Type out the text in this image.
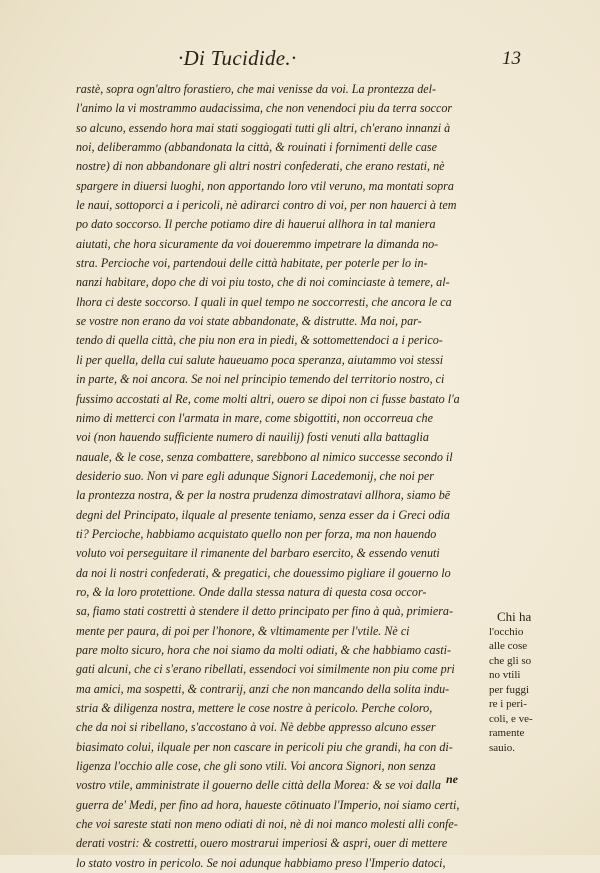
·Di Tucidide.·	13
rastè, sopra ogn'altro forastiero, che mai venisse da voi. La prontezza del-
l'animo la vi mostrammo audacissima, che non venendoci piu da terra soccor
so alcuno, essendo hora mai stati soggiogati tutti gli altri, ch'erano innanzi à
noi, deliberammo (abbandonata la città, & rouinati i fornimenti delle case
nostre) di non abbandonare gli altri nostri confederati, che erano restati, nè
spargere in diuersi luoghi, non apportando loro vtil veruno, ma montati sopra
le naui, sottoporci a i pericoli, nè adirarci contro di voi, per non hauerci à tem
po dato soccorso. Il perche potiamo dire di hauerui allhora in tal maniera
aiutati, che hora sicuramente da voi doueremmo impetrare la dimanda no-
stra. Percioche voi, partendoui delle città habitate, per poterle per lo in-
nanzi habitare, dopo che di voi piu tosto, che di noi cominciaste à temere, al-
lhora ci deste soccorso. I quali in quel tempo ne soccorresti, che ancora le ca
se vostre non erano da voi state abbandonate, & distrutte. Ma noi, par-
tendo di quella città, che piu non era in piedi, & sottomettendoci a i perico-
li per quella, della cui salute haueuamo poca speranza, aiutammo voi stessi
in parte, & noi ancora. Se noi nel principio temendo del territorio nostro, ci
fussimo accostati al Re, come molti altri, ouero se dipoi non ci fusse bastato l'a
nimo di metterci con l'armata in mare, come sbigottiti, non occorreua che
voi (non hauendo sufficiente numero di nauilij) fosti venuti alla battaglia
nauale, & le cose, senza combattere, sarebbono al nimico successe secondo il
desiderio suo. Non vi pare egli adunque Signori Lacedemonij, che noi per
la prontezza nostra, & per la nostra prudenza dimostratavi allhora, siamo bē
degni del Principato, ilquale al presente teniamo, senza esser da i Greci odia
ti? Percioche, habbiamo acquistato quello non per forza, ma non hauendo
voluto voi perseguitare il rimanente del barbaro esercito, & essendo venuti
da noi li nostri confederati, & pregatici, che douessimo pigliare il gouerno lo
ro, & la loro protettione. Onde dalla stessa natura di questa cosa occor-
sa, fiamo stati costretti à stendere il detto principato per fino à quà, primiera-
mente per paura, di poi per l'honore, & vltimamente per l'vtile. Nè ci
pare molto sicuro, hora che noi siamo da molti odiati, & che habbiamo casti-
gati alcuni, che ci s'erano ribellati, essendoci voi similmente non piu come pri
ma amici, ma sospetti, & contrarij, anzi che non mancando della solita indu-
stria & diligenza nostra, mettere le cose nostre à pericolo. Perche coloro,
che da noi si ribellano, s'accostano à voi. Nè debbe appresso alcuno esser
biasimato colui, ilquale per non cascare in pericoli piu che grandi, ha con di-
ligenza l'occhio alle cose, che gli sono vtili. Voi ancora Signori, non senza
vostro vtile, amministrate il gouerno delle città della Morea: & se voi dalla
guerra de' Medi, per fino ad hora, haueste cōtinuato l'Imperio, noi siamo certi,
che voi sareste stati non meno odiati di noi, nè di noi manco molesti alli confe-
derati vostri: & costretti, ouero mostrarui imperiosi & aspri, ouer di mettere
lo stato vostro in pericolo. Se noi adunque habbiamo preso l'Imperio datoci,
Chi ha
l'occhio
alle cose
che gli so
no vtili
per fuggi
re i peri-
coli, e ve-
ramente
sauio.
ne
